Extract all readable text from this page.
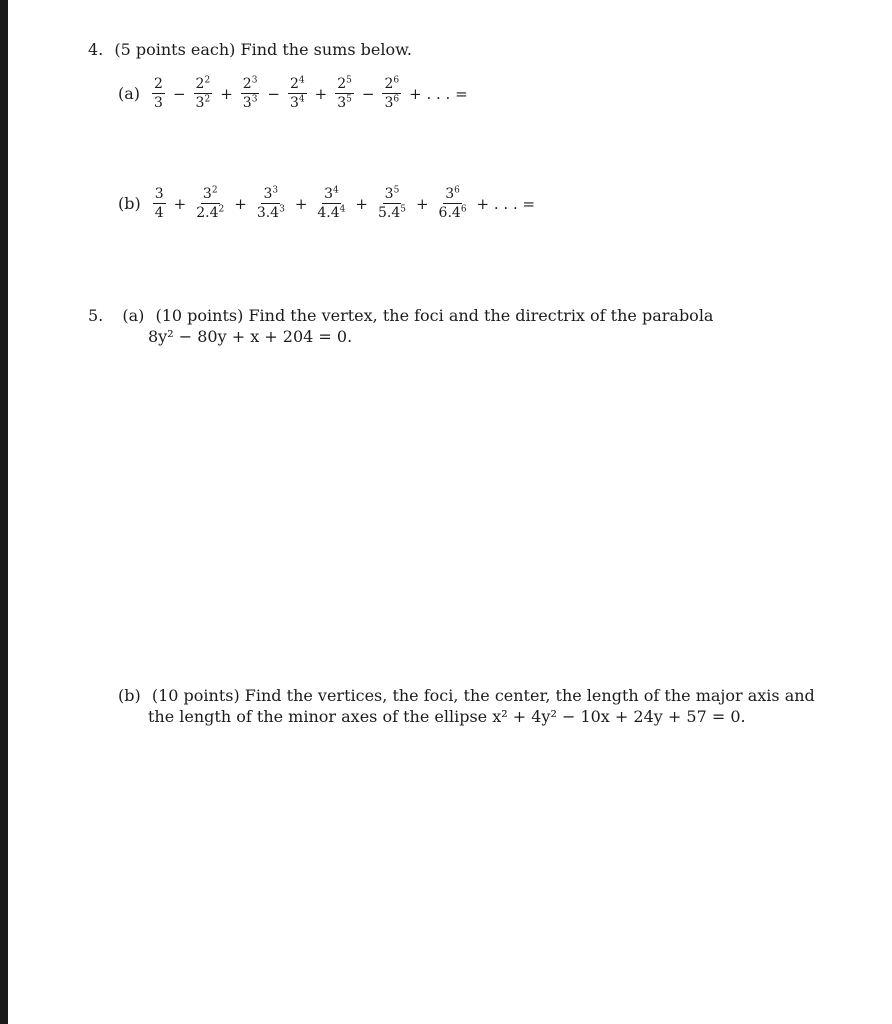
4. (5 points each) Find the sums below.
$(a) \frac{2}{3} - \frac{2^2}{3^2} + \frac{2^3}{3^3} - \frac{2^4}{3^4} + \frac{2^5}{3^5} - \frac{2^6}{3^6}$ + . . . =
$(b) \frac{3}{4} + \frac{3^2}{2.4^2} + \frac{3^3}{3.4^3} + \frac{3^4}{4.4^4} + \frac{3^5}{5.4^5} + \frac{3^6}{6.4^6}$ + . . . =
5. (a) (10 points) Find the vertex, the foci and the directrix of the parabola
8y² − 80y + x + 204 = 0.
(b) (10 points) Find the vertices, the foci, the center, the length of the major axis and
the length of the minor axes of the ellipse x² + 4y² − 10x + 24y + 57 = 0.
